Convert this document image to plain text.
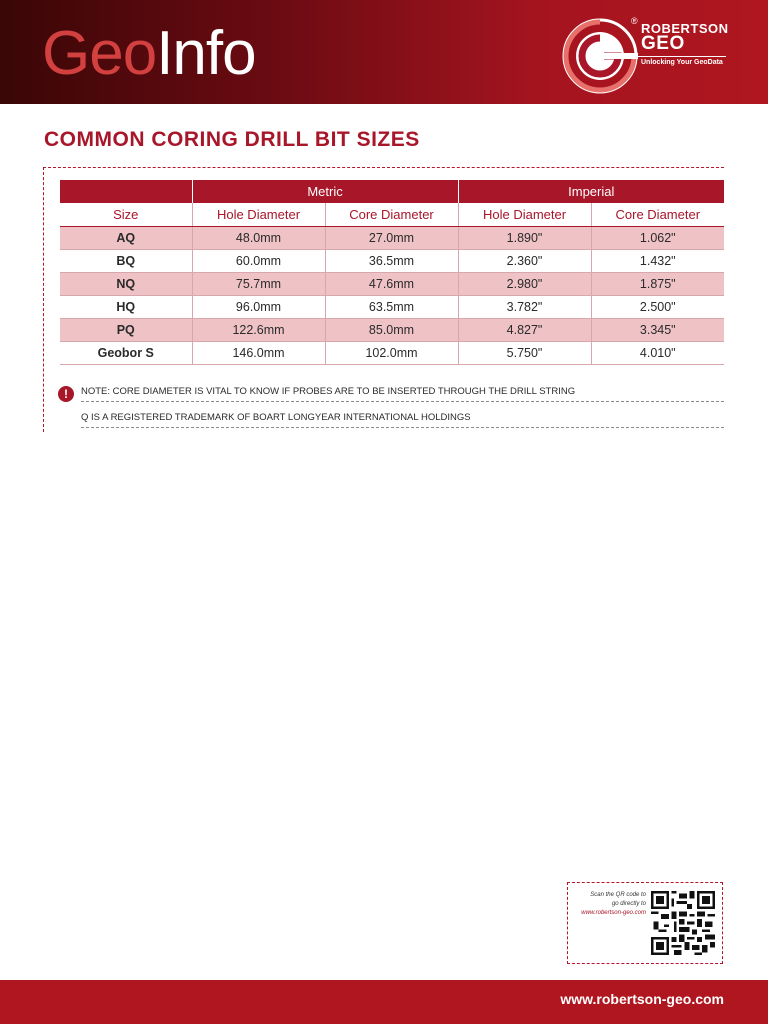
GeoInfo	® ROBERTSON
GEO
Unlocking Your GeoData
COMMON CORING DRILL BIT SIZES
	Metric		Imperial	
Size	Hole Diameter	Core Diameter	Hole Diameter	Core Diameter
AQ	48.0mm	27.0mm	1.890"	1.062"
BQ	60.0mm	36.5mm	2.360"	1.432"
NQ	75.7mm	47.6mm	2.980"	1.875"
HQ	96.0mm	63.5mm	3.782"	2.500"
PQ	122.6mm	85.0mm	4.827"	3.345"
Geobor S	146.0mm	102.0mm	5.750"	4.010"
!	NOTE: CORE DIAMETER IS VITAL TO KNOW IF PROBES ARE TO BE INSERTED THROUGH THE DRILL STRING
Q IS A REGISTERED TRADEMARK OF BOART LONGYEAR INTERNATIONAL HOLDINGS
Scan the QR code to
go directly to
www.robertson-geo.com
www.robertson-geo.com
